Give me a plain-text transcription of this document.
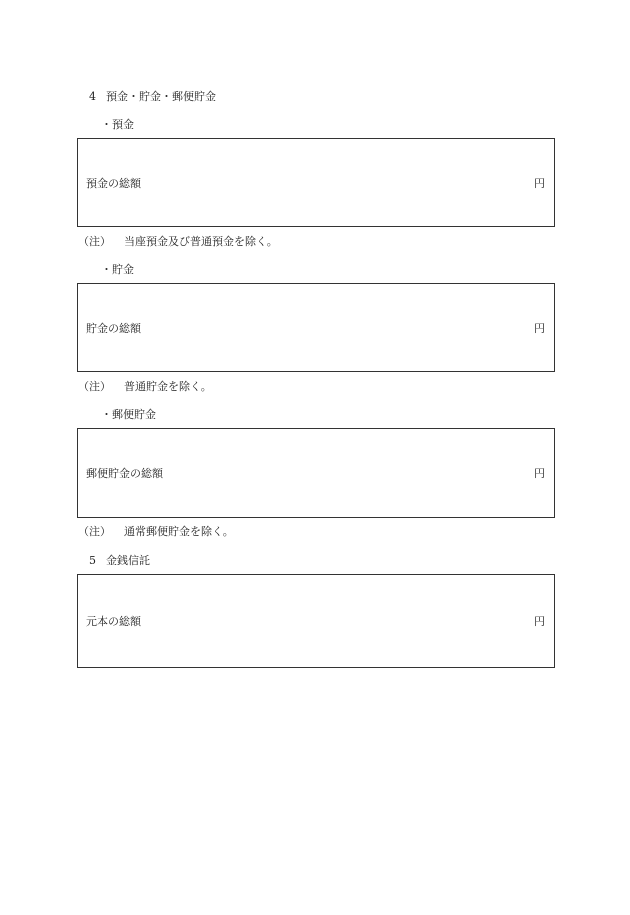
4 預金・貯金・郵便貯金
・預金
預金の総額	円
（注） 当座預金及び普通預金を除く。
・貯金
貯金の総額	円
（注） 普通貯金を除く。
・郵便貯金
郵便貯金の総額	円
（注） 通常郵便貯金を除く。
5 金銭信託
元本の総額	円
